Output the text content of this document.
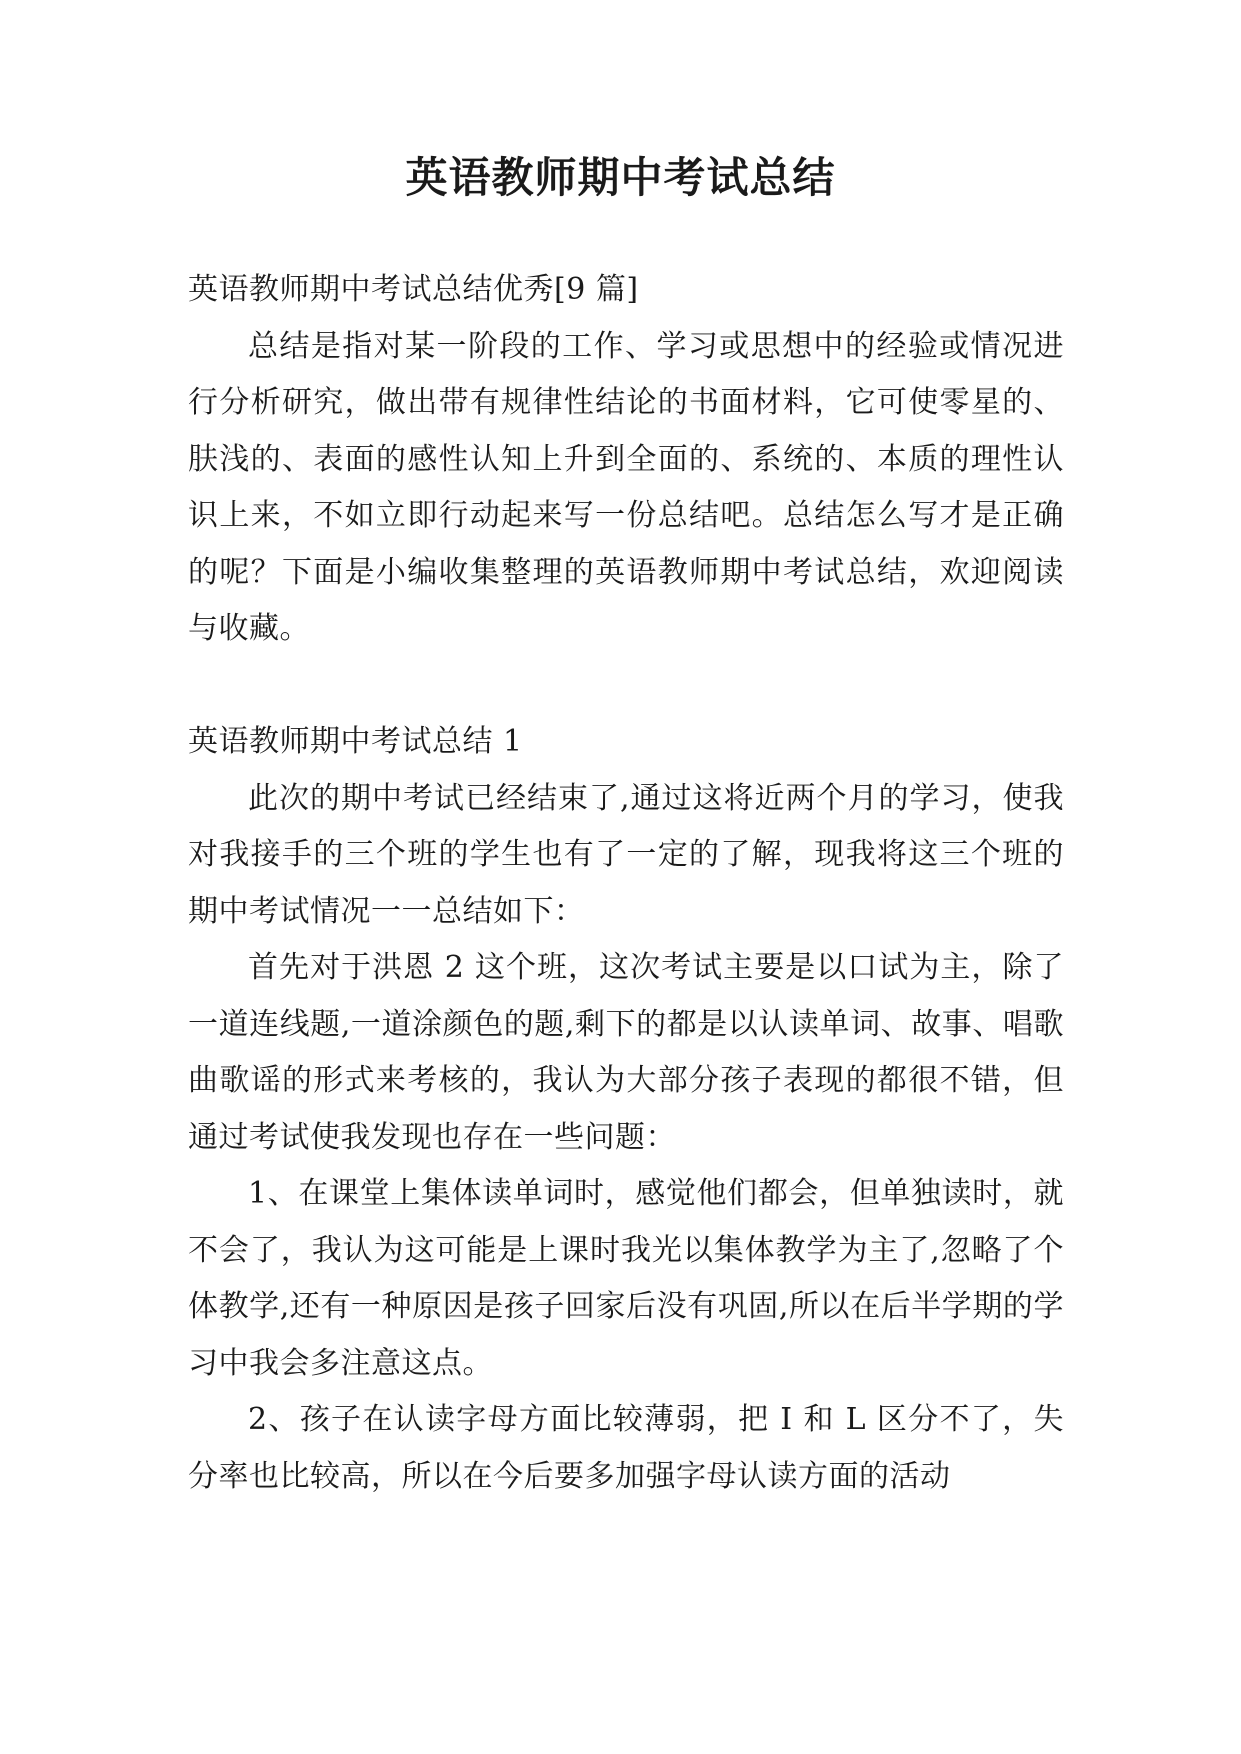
英语教师期中考试总结

英语教师期中考试总结优秀[9 篇]

总结是指对某一阶段的工作、学习或思想中的经验或情况进行分析研究，做出带有规律性结论的书面材料，它可使零星的、肤浅的、表面的感性认知上升到全面的、系统的、本质的理性认识上来，不如立即行动起来写一份总结吧。总结怎么写才是正确的呢？下面是小编收集整理的英语教师期中考试总结，欢迎阅读与收藏。

英语教师期中考试总结 1

此次的期中考试已经结束了,通过这将近两个月的学习，使我对我接手的三个班的学生也有了一定的了解，现我将这三个班的期中考试情况一一总结如下：

首先对于洪恩 2 这个班，这次考试主要是以口试为主，除了一道连线题,一道涂颜色的题,剩下的都是以认读单词、故事、唱歌曲歌谣的形式来考核的，我认为大部分孩子表现的都很不错，但通过考试使我发现也存在一些问题：

1、在课堂上集体读单词时，感觉他们都会，但单独读时，就不会了，我认为这可能是上课时我光以集体教学为主了,忽略了个体教学,还有一种原因是孩子回家后没有巩固,所以在后半学期的学习中我会多注意这点。

2、孩子在认读字母方面比较薄弱，把 I 和 L 区分不了，失分率也比较高，所以在今后要多加强字母认读方面的活动
